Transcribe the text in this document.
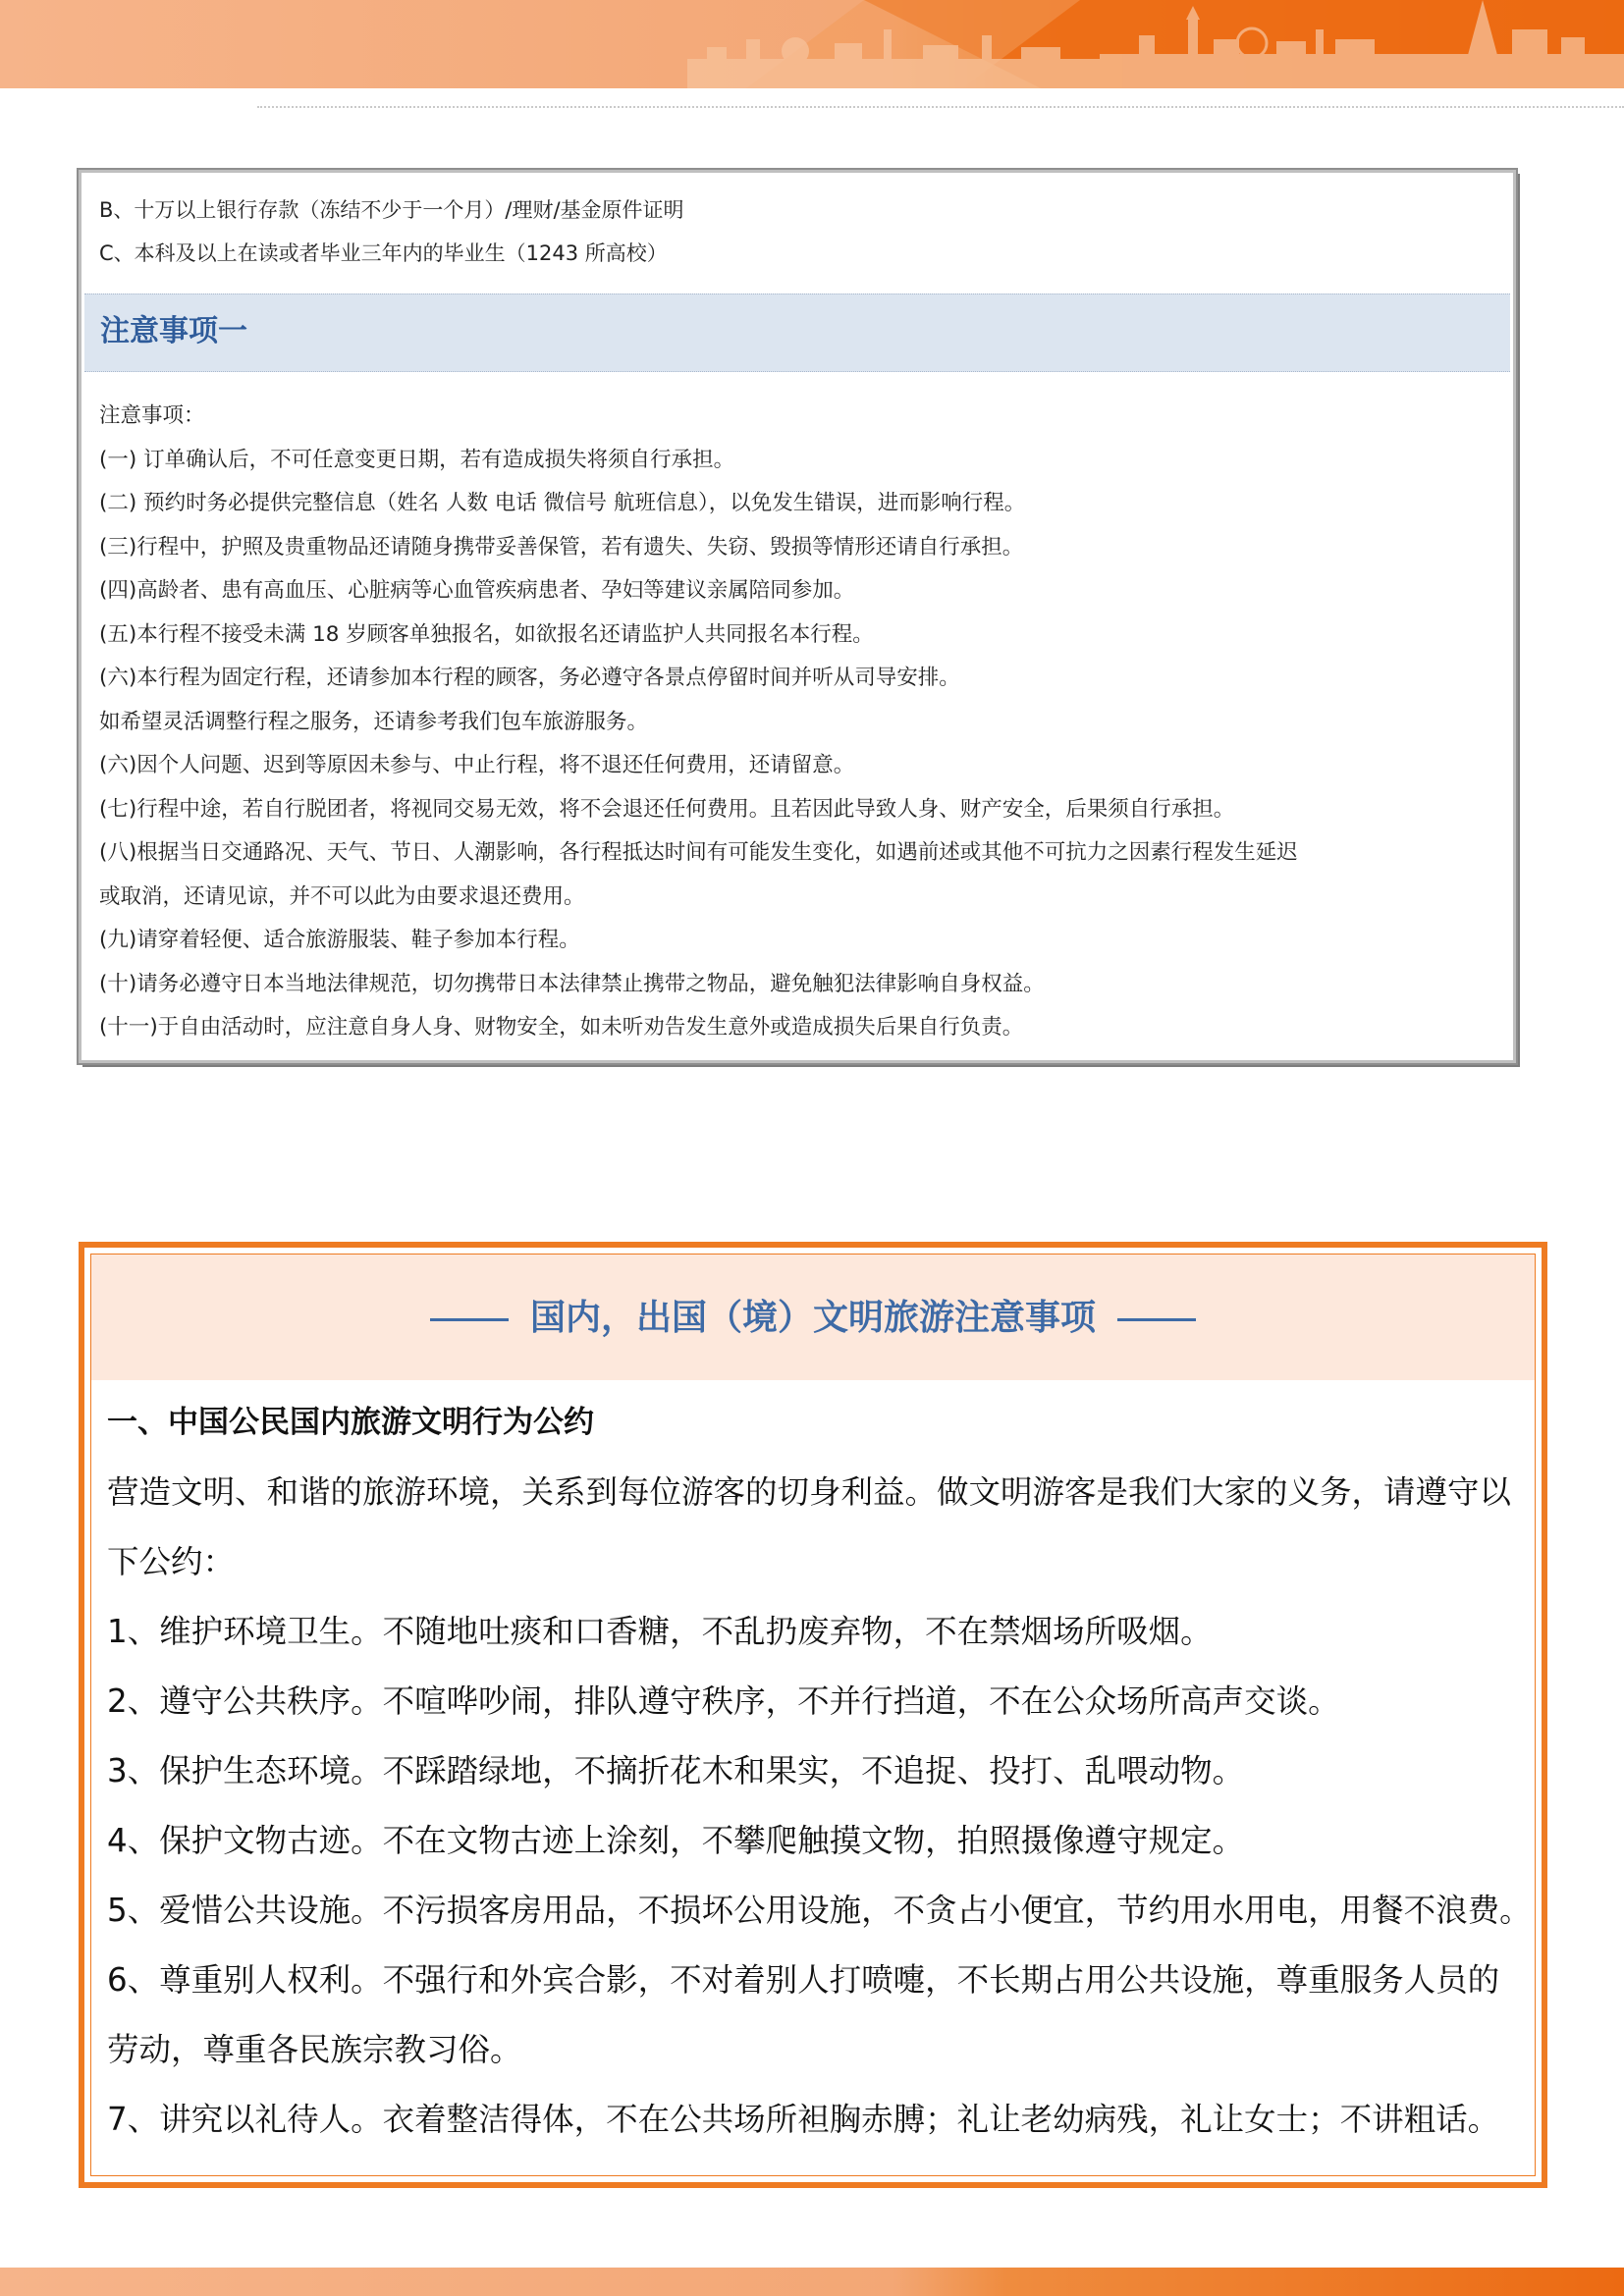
B、十万以上银行存款（冻结不少于一个月）/理财/基金原件证明
C、本科及以上在读或者毕业三年内的毕业生（1243 所高校）
注意事项一
注意事项：
(一) 订单确认后，不可任意变更日期，若有造成损失将须自行承担。
(二) 预约时务必提供完整信息（姓名 人数 电话 微信号 航班信息），以免发生错误，进而影响行程。
(三)行程中，护照及贵重物品还请随身携带妥善保管，若有遗失、失窃、毁损等情形还请自行承担。
(四)高龄者、患有高血压、心脏病等心血管疾病患者、孕妇等建议亲属陪同参加。
(五)本行程不接受未满 18 岁顾客单独报名，如欲报名还请监护人共同报名本行程。
(六)本行程为固定行程，还请参加本行程的顾客，务必遵守各景点停留时间并听从司导安排。
如希望灵活调整行程之服务，还请参考我们包车旅游服务。
(六)因个人问题、迟到等原因未参与、中止行程，将不退还任何费用，还请留意。
(七)行程中途，若自行脱团者，将视同交易无效，将不会退还任何费用。且若因此导致人身、财产安全，后果须自行承担。
(八)根据当日交通路况、天气、节日、人潮影响，各行程抵达时间有可能发生变化，如遇前述或其他不可抗力之因素行程发生延迟
或取消，还请见谅，并不可以此为由要求退还费用。
(九)请穿着轻便、适合旅游服装、鞋子参加本行程。
(十)请务必遵守日本当地法律规范，切勿携带日本法律禁止携带之物品，避免触犯法律影响自身权益。
(十一)于自由活动时，应注意自身人身、财物安全，如未听劝告发生意外或造成损失后果自行负责。
国内，出国（境）文明旅游注意事项
一、中国公民国内旅游文明行为公约
营造文明、和谐的旅游环境，关系到每位游客的切身利益。做文明游客是我们大家的义务，请遵守以
下公约：
1、维护环境卫生。不随地吐痰和口香糖，不乱扔废弃物，不在禁烟场所吸烟。
2、遵守公共秩序。不喧哗吵闹，排队遵守秩序，不并行挡道，不在公众场所高声交谈。
3、保护生态环境。不踩踏绿地，不摘折花木和果实，不追捉、投打、乱喂动物。
4、保护文物古迹。不在文物古迹上涂刻，不攀爬触摸文物，拍照摄像遵守规定。
5、爱惜公共设施。不污损客房用品，不损坏公用设施，不贪占小便宜，节约用水用电，用餐不浪费。
6、尊重别人权利。不强行和外宾合影，不对着别人打喷嚏，不长期占用公共设施，尊重服务人员的
劳动，尊重各民族宗教习俗。
7、讲究以礼待人。衣着整洁得体，不在公共场所袒胸赤膊；礼让老幼病残，礼让女士；不讲粗话。
